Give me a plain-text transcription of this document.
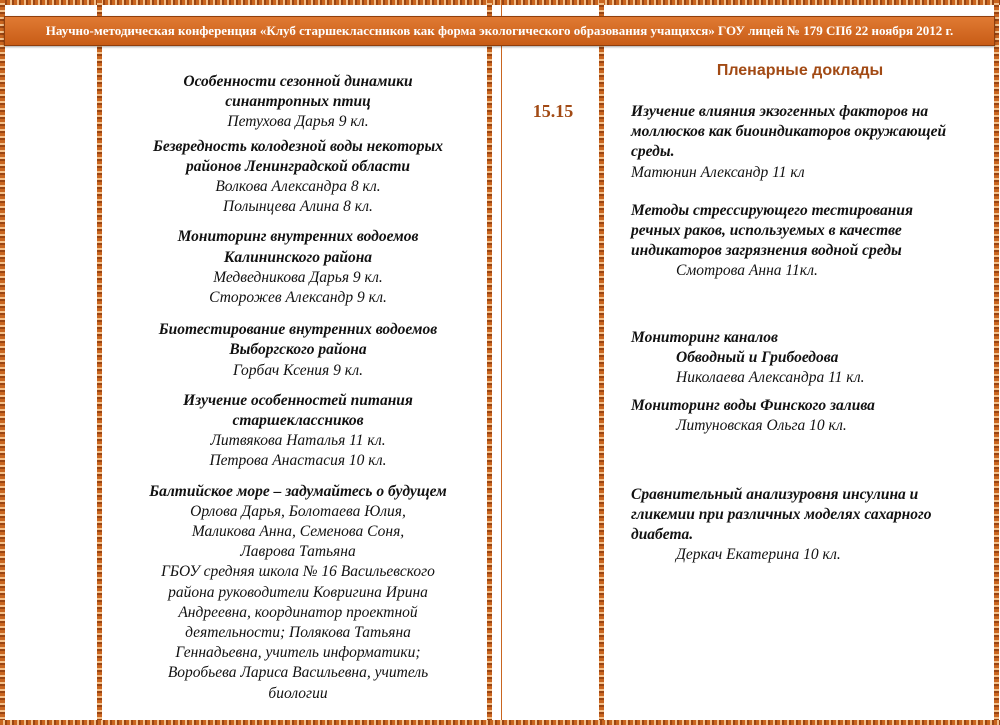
Научно-методическая конференция «Клуб старшеклассников как форма экологического образования учащихся» ГОУ лицей № 179 СПб 22 ноября 2012 г.
Особенности сезонной динамики
синантропных птиц
Петухова Дарья 9 кл.
Безвредность колодезной воды некоторых
районов Ленинградской области
Волкова Александра 8 кл.
Полынцева Алина 8 кл.
Мониторинг внутренних водоемов
Калининского района
Медведникова Дарья 9 кл.
Сторожев Александр 9 кл.
Биотестирование внутренних водоемов
Выборгского района
Горбач Ксения 9 кл.
Изучение особенностей питания
старшеклассников
Литвякова Наталья 11 кл.
Петрова Анастасия 10 кл.
Балтийское море – задумайтесь о будущем
Орлова Дарья, Болотаева Юлия,
Маликова Анна, Семенова Соня,
Лаврова Татьяна
ГБОУ средняя школа № 16 Васильевского
района руководители Ковригина Ирина
Андреевна, координатор проектной
деятельности; Полякова Татьяна
Геннадьевна, учитель информатики;
Воробьева Лариса Васильевна, учитель
биологии
15.15
Пленарные доклады
Изучение влияния экзогенных факторов на
моллюсков как биоиндикаторов окружающей
среды.
Матюнин Александр 11 кл
Методы стрессирующего тестирования
речных раков, используемых в качестве
индикаторов загрязнения водной среды
Смотрова Анна 11кл.
Мониторинг каналов
Обводный и Грибоедова
Николаева Александра 11 кл.
Мониторинг воды Финского залива
Литуновская Ольга 10 кл.
Сравнительный анализуровня инсулина и
гликемии при различных моделях сахарного
диабета.
Деркач Екатерина 10 кл.
